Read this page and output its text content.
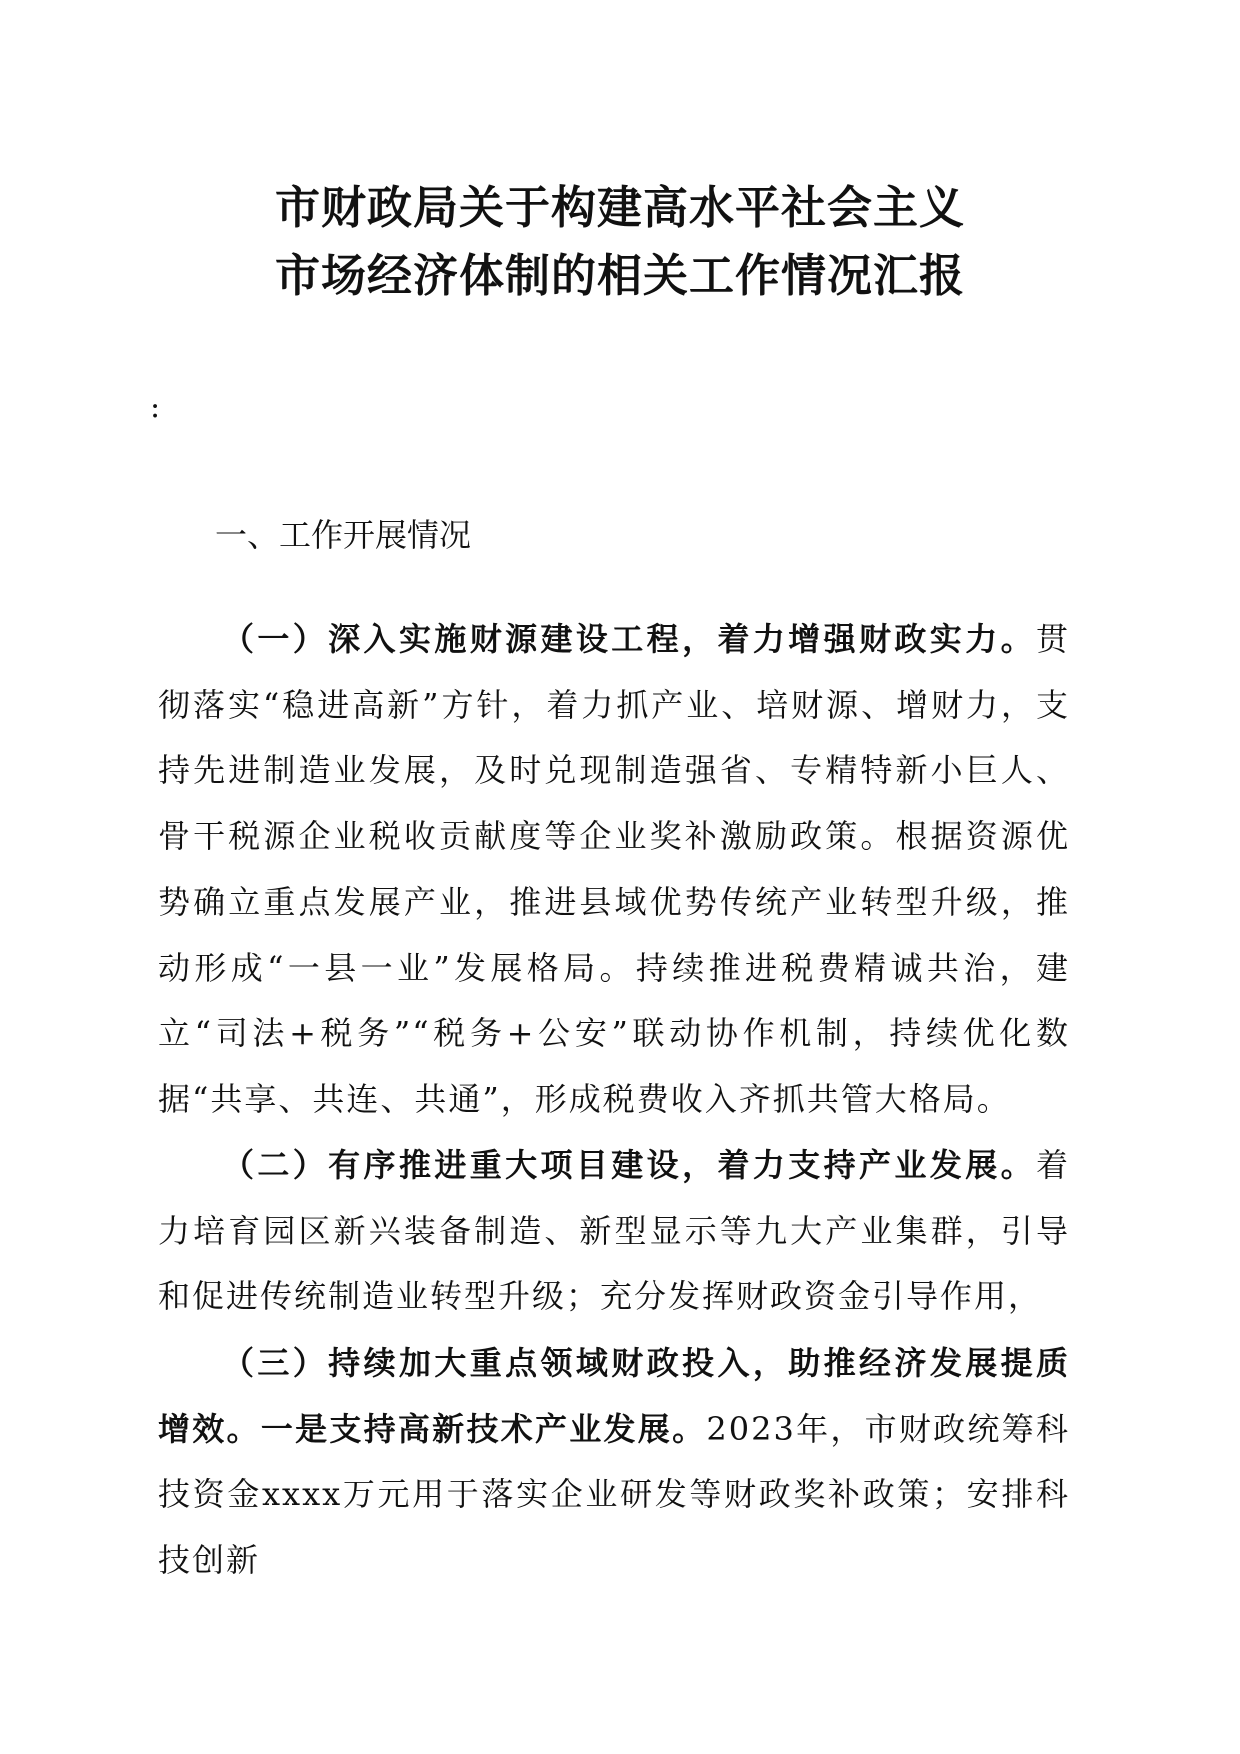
市财政局关于构建高水平社会主义
市场经济体制的相关工作情况汇报
:
一、工作开展情况

（一）深入实施财源建设工程，着力增强财政实力。贯彻落实“稳进高新”方针，着力抓产业、培财源、增财力，支持先进制造业发展，及时兑现制造强省、专精特新小巨人、骨干税源企业税收贡献度等企业奖补激励政策。根据资源优势确立重点发展产业，推进县域优势传统产业转型升级，推动形成“一县一业”发展格局。持续推进税费精诚共治，建立“司法+税务”“税务+公安”联动协作机制，持续优化数据“共享、共连、共通”，形成税费收入齐抓共管大格局。

（二）有序推进重大项目建设，着力支持产业发展。着力培育园区新兴装备制造、新型显示等九大产业集群，引导和促进传统制造业转型升级；充分发挥财政资金引导作用，

（三）持续加大重点领域财政投入，助推经济发展提质增效。一是支持高新技术产业发展。2023年，市财政统筹科技资金xxxx万元用于落实企业研发等财政奖补政策；安排科技创新
